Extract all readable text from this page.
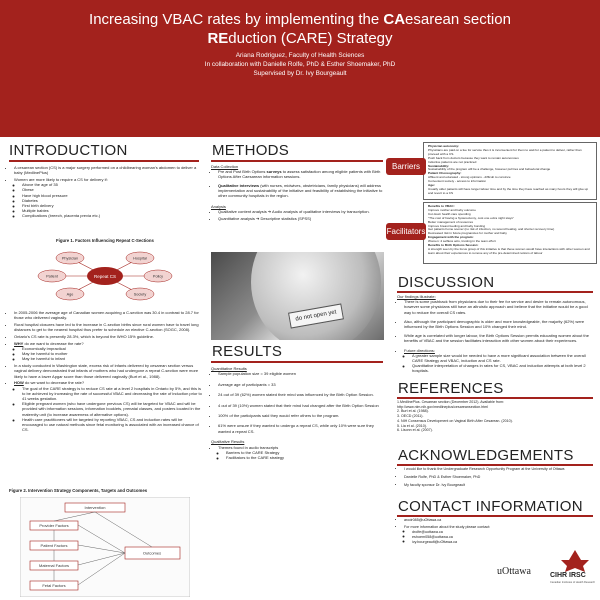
Increasing VBAC rates by implementing the CAesarean section
REduction (CARE) Strategy
Ariana Rodriguez, Faculty of Health Sciences
In collaboration with Danielle Rolfe, PhD & Esther Shoemaker, PhD
Supervised by Dr. Ivy Bourgeault
INTRODUCTION
• A cesarean section (CS) is a major surgery performed on a childbearing woman's abdomen to deliver a baby (MedlinePlus)
• Women are more likely to require a CS for delivery if:
◦ Above the age of 35
◦ Obese
◦ Have high blood pressure
◦ Diabetes
◦ First birth delivery
◦ Multiple babies
◦ Complications (breech, placenta previa etc.)
Figure 1. Factors Influencing Repeat C-Sections
Repeat CS
Physician	Hospital
Patient	Policy
Age	Society
• In 2005-2006 the average age of Canadian women acquiring a C-section was 30.4 in contrast to 28.7 for those who delivered vaginally.
• Rural hospital closures have led to the increase in C-section births since rural women have to travel long distances to get to the nearest hospital thus prefer to schedule an elective C-section (SOGC, 2008).
• Ontario's CS rate is presently 28.3%, which is beyond the WHO 15% guideline.
• WHY do we want to decrease the rate?
◦ Economically impractical
◦ May be harmful to mother
◦ May be harmful to infant
• In a study conducted in Washington state, excess risk of infants delivered by cesarean section versus vaginal delivery demonstrated that infants of mothers who had undergone a repeat C-section were more likely to have a lower Apgar score than those delivered vaginally (Burt et al., 1988).
• HOW do we want to decrease the rate?
◦ The goal of the CARE strategy is to reduce CS rate at a level 2 hospitals in Ontario by 5%, and this is to be achieved by increasing the rate of successful VBAC and decreasing the rate of induction prior to 41 weeks gestation.
◦ Eligible pregnant women (who have undergone previous CS) will be targeted for VBAC and will be provided with information sessions, information booklets, prenatal classes, and posters located in the maternity unit (to increase awareness of alternative options).
◦ Health care practitioners will be targeted by reporting VBAC, CS and induction rates will be encouraged to use natural methods since fetal monitoring is associated with an increased chance of CS.
Figure 2. Intervention Strategy Components, Targets and Outcomes
Intervention
Provider Factors
Patient Factors
Maternal Factors
Fetal Factors
Outcomes
METHODS
Data Collection
• Pre and Post Birth Options surveys to assess satisfaction among eligible patients with Birth Options After Caesarean information sessions.
• Qualitative interviews (with nurses, midwives, obstetricians, family physicians) will address implementation and sustainability of the initiative and feasibility of establishing the initiative to other community hospitals in the region.
Analysis
• Qualitative content analysis ➔ Audio analysis of qualitative interviews by transcription.
• Quantitative analysis ➔ Descriptive statistics (SPSS)
do not open yet
RESULTS
Quantitative Results
• Sample population size = 39 eligible women
• Average age of participants = 33
• 24 out of 39 (62%) women stated their mind was influenced by the Birth Option Session.
• 4 out of 39 (10%) women stated that their mind had changed after the Birth Option Session
• 100% of the participants said they would refer others to the program.
• 61% were unsure if they wanted to undergo a repeat CS, while only 10% were sure they wanted a repeat CS.
Qualitative Results
• Themes found in audio transcripts
◦ Barriers to the CARE Strategy
◦ Facilitators to the CARE strategy
Physician autonomy:
Physicians are paid on a fee for service thus it is inconvenient for them to wait for a patient to deliver, rather than proceed with a CS.
Push back from doctors because they want to remain autonomous
Inductive patterns are not practiced
Sustainability:
Sustainability of the program will be a challenge, however pull ties and behavioral change
Patient Choreography:
Affluent and educated - strong opinions - difficult to convince
Convenient society - access to information
Age:
Usually older patients will have longer labour time and by the time they have reached as many hours they will give up and revert to a CS
Barriers
Benefits to VBAC:
Improve mother and baby outcome
Cut down health care spending
"The cost of having a hysterectomy, cost one extra night stays"
Better management of resources
Improve breast feeding and baby bonding
Get patients home sooner (no risk of infection, no wound healing, and shorter recovery time)
Decreased risk in future pregnancies for mother and baby
Engagement with the program:
Women: 4 selfless acts, trusting in the team effort
Benefits to Birth Options Session:
A strength seen by the focus group of this initiative is that these women would have interactions with other women and learn about their experiences to remove any of the pre-determined notions of labour
Facilitators
DISCUSSION
Our findings illustrate:
• There is some pushback from physicians due to their fee for service and desire to remain autonomous, however some physicians still have an altruistic approach and believe that the initiative would be a good way to reduce the overall CS rates.
• Also, although the participant demographic is older and more knowledgeable, the majority (62%) were influenced by the Birth Options Session and 10% changed their mind.
• While age is correlated with longer labour, the Birth Options Session permits educating women about the benefits of VBAC and the session facilitates interaction with other women about their experiences.
• Future directions:
◦ A greater sample size would be needed to have a more significant association between the overall CARE Strategy and VBAC, induction and CS rate.
◦ Quantitative interpretation of changes in rates for CS, VBAC and induction attempts at both level 2 hospitals.
REFERENCES
1.MedlinePlus. Cesarean section (December 2012). Available from:
http://www.nlm.nih.gov/medlineplus/cesareansection.html
2. Burt et al. (1988).
3. OECD (2011).
4. NIH Consensus Development on Vaginal Birth After Cesarean. (2010).
5. Lia et al. (2010).
6. Lisonn et al. (2007).
ACKNOWLEDGEMENTS
• I would like to thank the Undergraduate Research Opportunity Program at the University of Ottawa
• Danielle Rolfe, PhD & Esther Shoemaker, PhD
• My faculty sponsor Dr. Ivy Bourgeault
CONTACT INFORMATION
• arodr085@uOttawa.ca
• For more information about the study please contact:
◦ drolfe@uottawa.ca
◦ eshoem058@uottawa.ca
◦ ivy.bourgeault@uOttawa.ca
uOttawa	CIHR IRSC
Canadian Institutes of Health Research
